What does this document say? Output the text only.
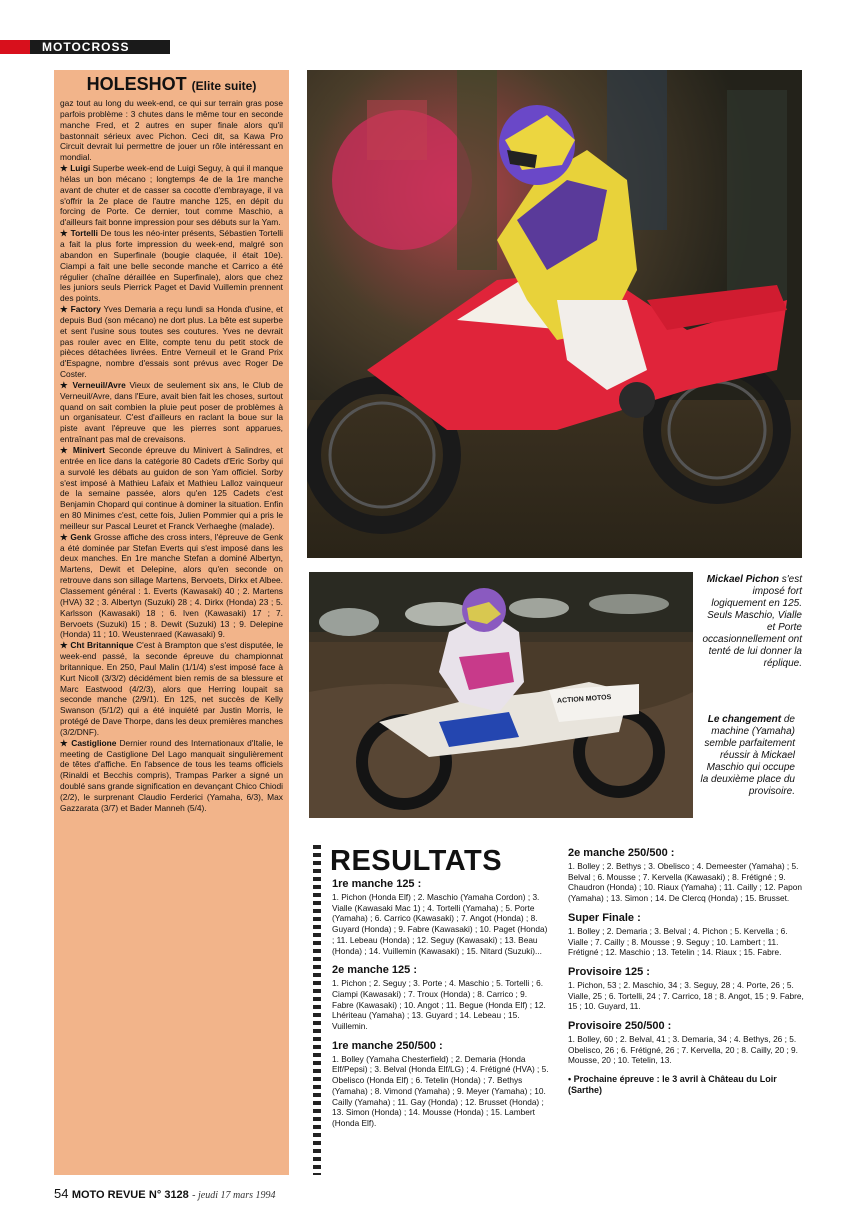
MOTOCROSS
HOLESHOT (Elite suite)

gaz tout au long du week-end, ce qui sur terrain gras pose parfois problème : 3 chutes dans le même tour en seconde manche Fred, et 2 autres en super finale alors qu'il bastonnait sérieux avec Pichon. Ceci dit, sa Kawa Pro Circuit devrait lui permettre de jouer un rôle intéressant en mondial.

★ Luigi Superbe week-end de Luigi Seguy, à qui il manque hélas un bon mécano ; longtemps 4e de la 1re manche avant de chuter et de casser sa cocotte d'embrayage, il va s'offrir la 2e place de l'autre manche 125, en dépit du forcing de Porte. Ce dernier, tout comme Maschio, a d'ailleurs fait bonne impression pour ses débuts sur la Yam.

★ Tortelli De tous les néo-inter présents, Sébastien Tortelli a fait la plus forte impression du week-end, malgré son abandon en Superfinale (bougie claquée, il était 10e). Ciampi a fait une belle seconde manche et Carrico a été régulier (chaîne déraillée en Superfinale), alors que chez les juniors seuls Pierrick Paget et David Vuillemin prennent des points.

★ Factory Yves Demaria a reçu lundi sa Honda d'usine, et depuis Bud (son mécano) ne dort plus. La bête est superbe et sent l'usine sous toutes ses coutures. Yves ne devrait pas rouler avec en Elite, compte tenu du petit stock de pièces détachées livrées. Entre Verneuil et le Grand Prix d'Espagne, nombre d'essais sont prévus avec Roger De Coster.

★ Verneuil/Avre Vieux de seulement six ans, le Club de Verneuil/Avre, dans l'Eure, avait bien fait les choses, surtout quand on sait combien la pluie peut poser de problèmes à un organisateur. C'est d'ailleurs en raclant la boue sur la piste avant l'épreuve que les pierres sont apparues, entraînant pas mal de crevaisons.

★ Minivert Seconde épreuve du Minivert à Salindres, et entrée en lice dans la catégorie 80 Cadets d'Eric Sorby qui a survolé les débats au guidon de son Yam officiel. Sorby s'est imposé à Mathieu Lafaix et Mathieu Lalloz vainqueur de la semaine passée, alors qu'en 125 Cadets c'est Benjamin Chopard qui continue à dominer la situation. Enfin en 80 Minimes c'est, cette fois, Julien Pommier qui a pris le meilleur sur Pascal Leuret et Franck Verhaeghe (malade).

★ Genk Grosse affiche des cross inters, l'épreuve de Genk a été dominée par Stefan Everts qui s'est imposé dans les deux manches. En 1re manche Stefan a dominé Albertyn, Martens, Dewit et Delepine, alors qu'en seconde on retrouve dans son sillage Martens, Bervoets, Dirkx et Albee. Classement général : 1. Everts (Kawasaki) 40 ; 2. Martens (HVA) 32 ; 3. Albertyn (Suzuki) 28 ; 4. Dirkx (Honda) 23 ; 5. Karlsson (Kawasaki) 18 ; 6. Iven (Kawasaki) 17 ; 7. Bervoets (Suzuki) 15 ; 8. Dewit (Suzuki) 13 ; 9. Delepine (Honda) 11 ; 10. Weustenraed (Kawasaki) 9.

★ Cht Britannique C'est à Brampton que s'est disputée, le week-end passé, la seconde épreuve du championnat britannique. En 250, Paul Malin (1/1/4) s'est imposé face à Kurt Nicoll (3/3/2) décidément bien remis de sa blessure et Marc Eastwood (4/2/3), alors que Herring loupait sa seconde manche (2/9/1). En 125, net succès de Kelly Swanson (5/1/2) qui a été inquiété par Justin Morris, le protégé de Dave Thorpe, dans les deux premières manches (3/2/DNF).

★ Castiglione Dernier round des Internationaux d'Italie, le meeting de Castiglione Del Lago manquait singulièrement de têtes d'affiche. En l'absence de tous les teams officiels (Rinaldi et Becchis compris), Trampas Parker a signé un doublé sans grande signification en devançant Chico Chiodi (2/2), le surprenant Claudio Ferderici (Yamaha, 6/3), Max Gazzarata (3/7) et Bader Manneh (5/4).

Mickael Pichon s'est imposé fort logiquement en 125. Seuls Maschio, Vialle et Porte occasionnellement ont tenté de lui donner la réplique.
ACTION MOTOS
Le changement de machine (Yamaha) semble parfaitement réussir à Mickael Maschio qui occupe la deuxième place du provisoire.
RESULTATS
1re manche 125 :

1. Pichon (Honda Elf) ; 2. Maschio (Yamaha Cordon) ; 3. Vialle (Kawasaki Mac 1) ; 4. Tortelli (Yamaha) ; 5. Porte (Yamaha) ; 6. Carrico (Kawasaki) ; 7. Angot (Honda) ; 8. Guyard (Honda) ; 9. Fabre (Kawasaki) ; 10. Paget (Honda) ; 11. Lebeau (Honda) ; 12. Seguy (Kawasaki) ; 13. Beau (Honda) ; 14. Vuillemin (Kawasaki) ; 15. Nitard (Suzuki)...

2e manche 125 :

1. Pichon ; 2. Seguy ; 3. Porte ; 4. Maschio ; 5. Tortelli ; 6. Ciampi (Kawasaki) ; 7. Troux (Honda) ; 8. Carrico ; 9. Fabre (Kawasaki) ; 10. Angot ; 11. Begue (Honda Elf) ; 12. Lhériteau (Yamaha) ; 13. Guyard ; 14. Lebeau ; 15. Vuillemin.

1re manche 250/500 :

1. Bolley (Yamaha Chesterfield) ; 2. Demaria (Honda Elf/Pepsi) ; 3. Belval (Honda Elf/LG) ; 4. Frétigné (HVA) ; 5. Obelisco (Honda Elf) ; 6. Tetelin (Honda) ; 7. Bethys (Yamaha) ; 8. Vimond (Yamaha) ; 9. Meyer (Yamaha) ; 10. Cailly (Yamaha) ; 11. Gay (Honda) ; 12. Brusset (Honda) ; 13. Simon (Honda) ; 14. Mousse (Honda) ; 15. Lambert (Honda Elf).

2e manche 250/500 :

1. Bolley ; 2. Bethys ; 3. Obelisco ; 4. Demeester (Yamaha) ; 5. Belval ; 6. Mousse ; 7. Kervella (Kawasaki) ; 8. Frétigné ; 9. Chaudron (Honda) ; 10. Riaux (Yamaha) ; 11. Cailly ; 12. Papon (Yamaha) ; 13. Simon ; 14. De Clercq (Honda) ; 15. Brusset.

Super Finale :

1. Bolley ; 2. Demaria ; 3. Belval ; 4. Pichon ; 5. Kervella ; 6. Vialle ; 7. Cailly ; 8. Mousse ; 9. Seguy ; 10. Lambert ; 11. Frétigné ; 12. Maschio ; 13. Tetelin ; 14. Riaux ; 15. Fabre.

Provisoire 125 :

1. Pichon, 53 ; 2. Maschio, 34 ; 3. Seguy, 28 ; 4. Porte, 26 ; 5. Vialle, 25 ; 6. Tortelli, 24 ; 7. Carrico, 18 ; 8. Angot, 15 ; 9. Fabre, 15 ; 10. Guyard, 11.

Provisoire 250/500 :

1. Bolley, 60 ; 2. Belval, 41 ; 3. Demaria, 34 ; 4. Bethys, 26 ; 5. Obelisco, 26 ; 6. Frétigné, 26 ; 7. Kervella, 20 ; 8. Cailly, 20 ; 9. Mousse, 20 ; 10. Tetelin, 13.

• Prochaine épreuve : le 3 avril à Château du Loir (Sarthe)
54 MOTO REVUE N° 3128 - jeudi 17 mars 1994
